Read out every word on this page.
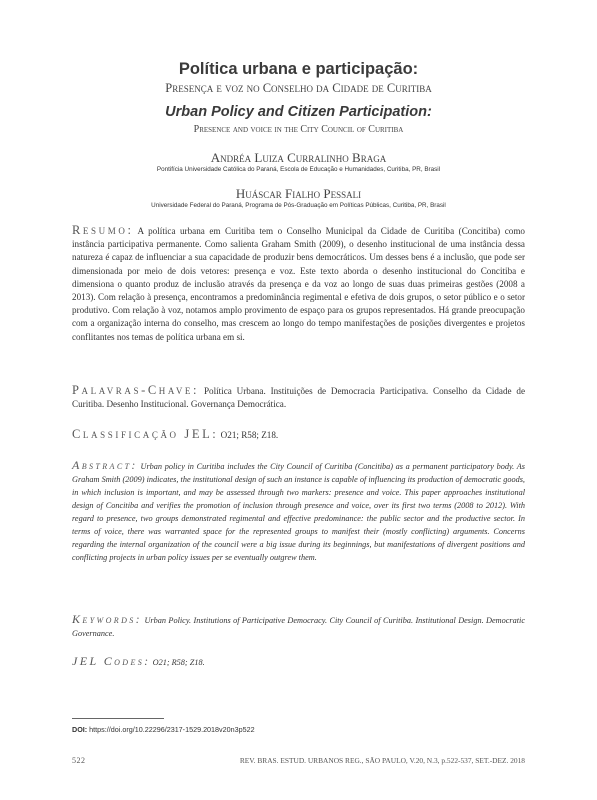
Política urbana e participação:
Presença e voz no Conselho da Cidade de Curitiba
Urban Policy and Citizen Participation:
Presence and voice in the City Council of Curitiba
Andréa Luiza Curralinho Braga
Pontifícia Universidade Católica do Paraná, Escola de Educação e Humanidades, Curitiba, PR, Brasil
Huáscar Fialho Pessali
Universidade Federal do Paraná, Programa de Pós-Graduação em Políticas Públicas, Curitiba, PR, Brasil
Resumo: A política urbana em Curitiba tem o Conselho Municipal da Cidade de Curitiba (Concitiba) como instância participativa permanente. Como salienta Graham Smith (2009), o desenho institucional de uma instância dessa natureza é capaz de influenciar a sua capacidade de produzir bens democráticos. Um desses bens é a inclusão, que pode ser dimensionada por meio de dois vetores: presença e voz. Este texto aborda o desenho institucional do Concitiba e dimensiona o quanto produz de inclusão através da presença e da voz ao longo de suas duas primeiras gestões (2008 a 2013). Com relação à presença, encontramos a predominância regimental e efetiva de dois grupos, o setor público e o setor produtivo. Com relação à voz, notamos amplo provimento de espaço para os grupos representados. Há grande preocupação com a organização interna do conselho, mas crescem ao longo do tempo manifestações de posições divergentes e projetos conflitantes nos temas de política urbana em si.
Palavras-Chave: Política Urbana. Instituições de Democracia Participativa. Conselho da Cidade de Curitiba. Desenho Institucional. Governança Democrática.
Classificação JEL: O21; R58; Z18.
Abstract: Urban policy in Curitiba includes the City Council of Curitiba (Concitiba) as a permanent participatory body. As Graham Smith (2009) indicates, the institutional design of such an instance is capable of influencing its production of democratic goods, in which inclusion is important, and may be assessed through two markers: presence and voice. This paper approaches institutional design of Concitiba and verifies the promotion of inclusion through presence and voice, over its first two terms (2008 to 2012). With regard to presence, two groups demonstrated regimental and effective predominance: the public sector and the productive sector. In terms of voice, there was warranted space for the represented groups to manifest their (mostly conflicting) arguments. Concerns regarding the internal organization of the council were a big issue during its beginnings, but manifestations of divergent positions and conflicting projects in urban policy issues per se eventually outgrew them.
Keywords: Urban Policy. Institutions of Participative Democracy. City Council of Curitiba. Institutional Design. Democratic Governance.
JEL Codes: O21; R58; Z18.
DOI: https://doi.org/10.22296/2317-1529.2018v20n3p522
522	REV. BRAS. ESTUD. URBANOS REG., SÃO PAULO, V.20, N.3, p.522-537, SET.-DEZ. 2018
